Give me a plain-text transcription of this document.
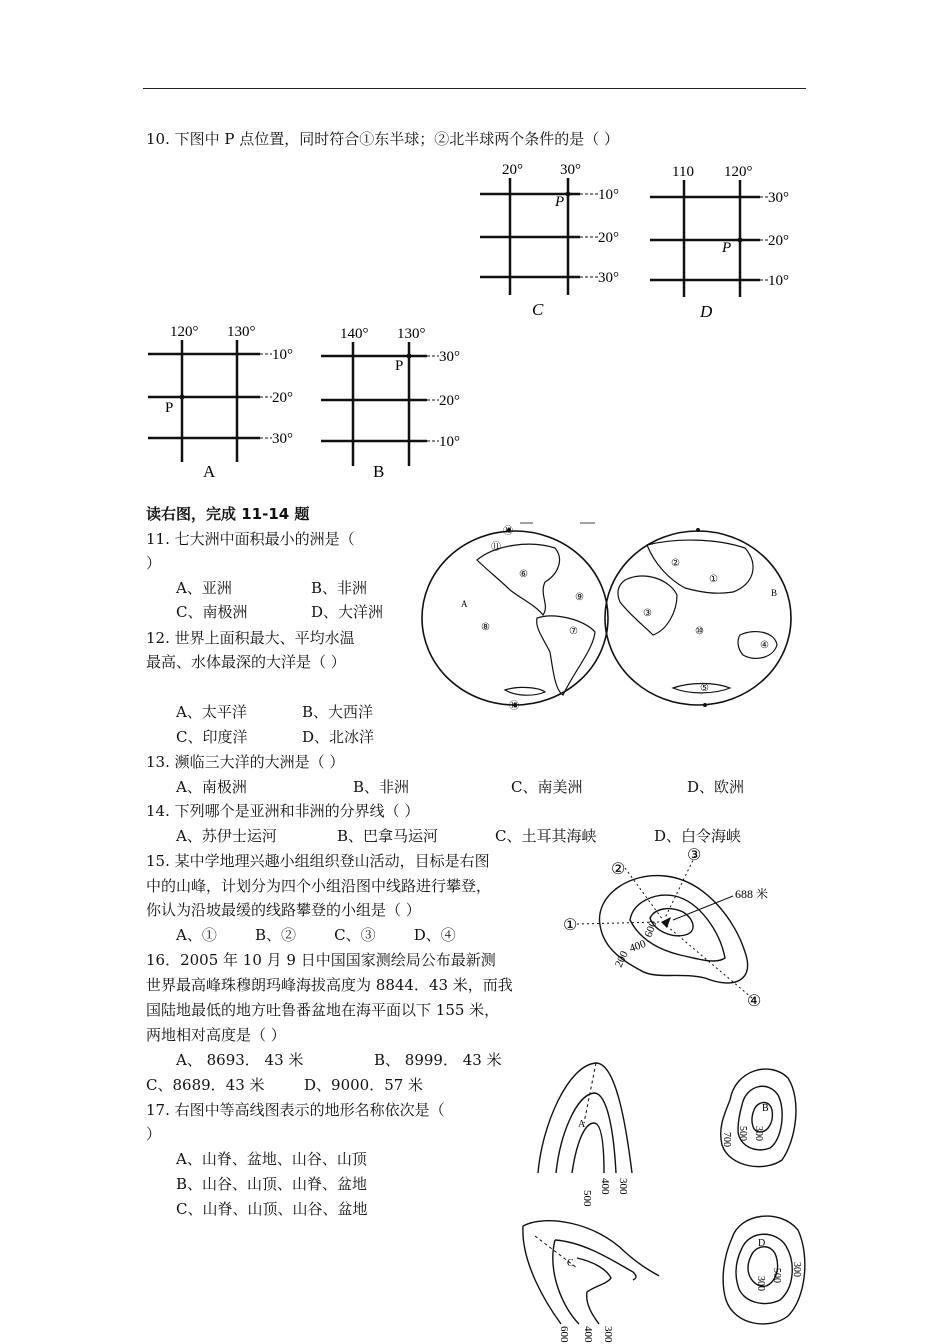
10. 下图中 P 点位置，同时符合①东半球；②北半球两个条件的是（ ）
20° 30°
10°
20°
30°
P
C
110 120°
30°
20°
10°
P
D
120° 130°
10°
20°
30°
P
A
140° 130°
30°
20°
10°
P
B
读右图，完成 11-14 题
11. 七大洲中面积最小的洲是（
）
A、亚洲	B、非洲
C、南极洲	D、大洋洲
12. 世界上面积最大、平均水温
最高、水体最深的大洋是（ ）
A、太平洋	B、大西洋
C、印度洋	D、北冰洋
13. 濒临三大洋的大洲是（ ）
A、南极洲	B、非洲	C、南美洲	D、欧洲
14. 下列哪个是亚洲和非洲的分界线（ ）
A、苏伊士运河	B、巴拿马运河	C、土耳其海峡	D、白令海峡
15. 某中学地理兴趣小组组织登山活动，目标是右图
中的山峰，计划分为四个小组沿图中线路进行攀登，
你认为沿坡最缓的线路攀登的小组是（ ）
A、①        B、②        C、③        D、④
16．2005 年 10 月 9 日中国国家测绘局公布最新测
世界最高峰珠穆朗玛峰海拔高度为 8844．43 米，而我
国陆地最低的地方吐鲁番盆地在海平面以下 155 米，
两地相对高度是（ ）
A、 8693． 43 米	B、 8999． 43 米
C、8689．43 米	D、9000．57 米
17. 右图中等高线图表示的地形名称依次是（
）
A、山脊、盆地、山谷、山顶
B、山谷、山顶、山脊、盆地
C、山脊、山顶、山谷、盆地
A
B
①
②
③
④
⑤
⑥
⑦
⑧
⑨
⑩
⑪
⑫
⑬
①
②
③
④
688 米
600
400
200
A
500
400 300
B
700 500 300
C
600 400 300
D
300
500 300
